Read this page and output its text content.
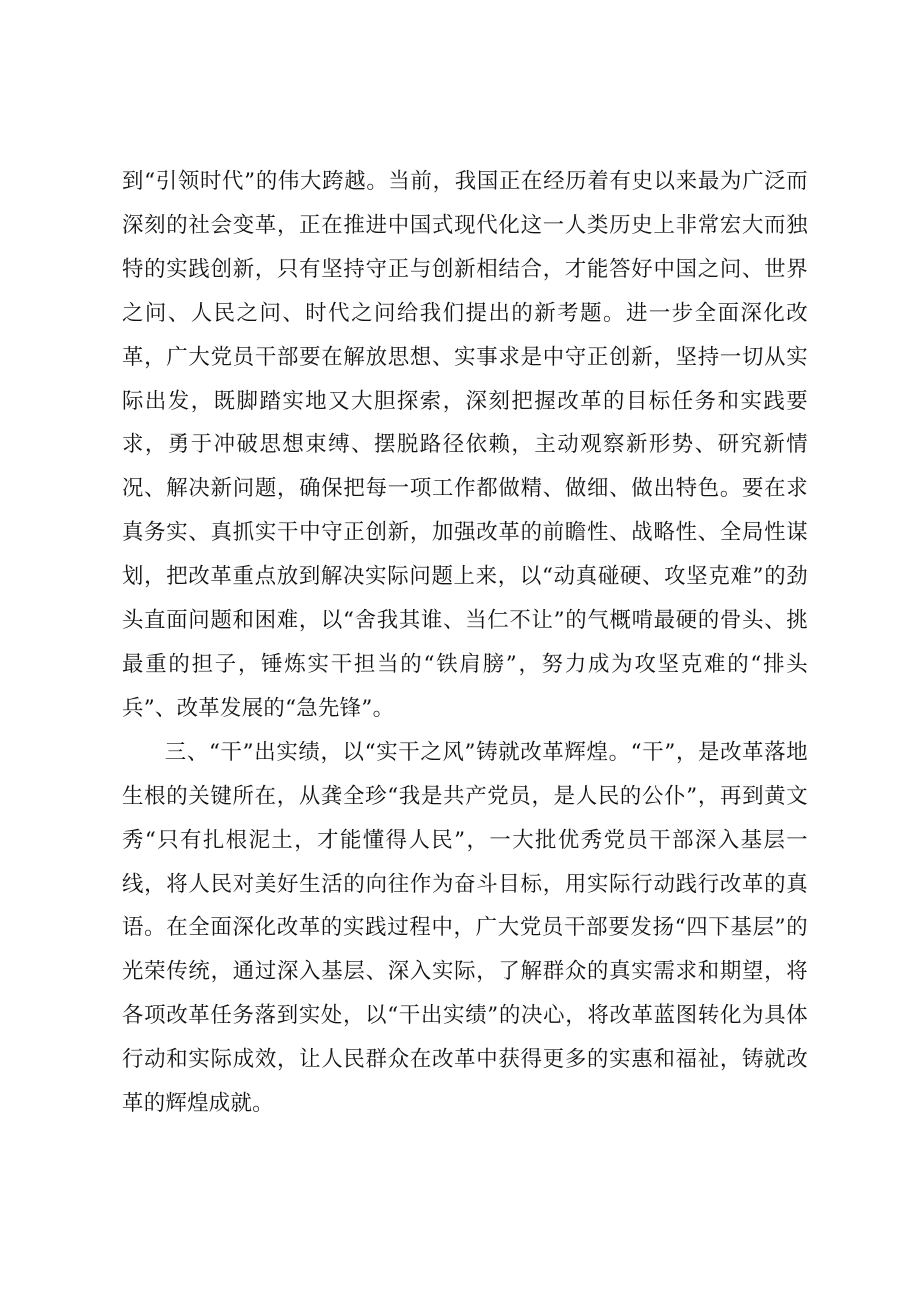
到“引领时代”的伟大跨越。当前，我国正在经历着有史以来最为广泛而深刻的社会变革，正在推进中国式现代化这一人类历史上非常宏大而独特的实践创新，只有坚持守正与创新相结合，才能答好中国之问、世界之问、人民之问、时代之问给我们提出的新考题。进一步全面深化改革，广大党员干部要在解放思想、实事求是中守正创新，坚持一切从实际出发，既脚踏实地又大胆探索，深刻把握改革的目标任务和实践要求，勇于冲破思想束缚、摆脱路径依赖，主动观察新形势、研究新情况、解决新问题，确保把每一项工作都做精、做细、做出特色。要在求真务实、真抓实干中守正创新，加强改革的前瞻性、战略性、全局性谋划，把改革重点放到解决实际问题上来，以“动真碰硬、攻坚克难”的劲头直面问题和困难，以“舍我其谁、当仁不让”的气概啃最硬的骨头、挑最重的担子，锤炼实干担当的“铁肩膀”，努力成为攻坚克难的“排头兵”、改革发展的“急先锋”。

三、“干”出实绩，以“实干之风”铸就改革辉煌。“干”，是改革落地生根的关键所在，从龚全珍“我是共产党员，是人民的公仆”，再到黄文秀“只有扎根泥土，才能懂得人民”，一大批优秀党员干部深入基层一线，将人民对美好生活的向往作为奋斗目标，用实际行动践行改革的真语。在全面深化改革的实践过程中，广大党员干部要发扬“四下基层”的光荣传统，通过深入基层、深入实际，了解群众的真实需求和期望，将各项改革任务落到实处，以“干出实绩”的决心，将改革蓝图转化为具体行动和实际成效，让人民群众在改革中获得更多的实惠和福祉，铸就改革的辉煌成就。
